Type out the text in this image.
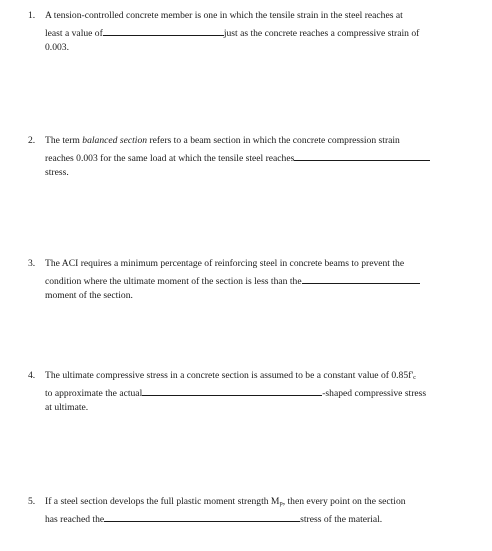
1. A tension-controlled concrete member is one in which the tensile strain in the steel reaches at
least a value of	just as the concrete reaches a compressive strain of
0.003.
2. The term balanced section refers to a beam section in which the concrete compression strain
reaches 0.003 for the same load at which the tensile steel reaches
stress.
3. The ACI requires a minimum percentage of reinforcing steel in concrete beams to prevent the
condition where the ultimate moment of the section is less than the
moment of the section.
4. The ultimate compressive stress in a concrete section is assumed to be a constant value of $0.85f'_c$
to approximate the actual	-shaped compressive stress
at ultimate.
5. If a steel section develops the full plastic moment strength $M_p$, then every point on the section
has reached the	stress of the material.
